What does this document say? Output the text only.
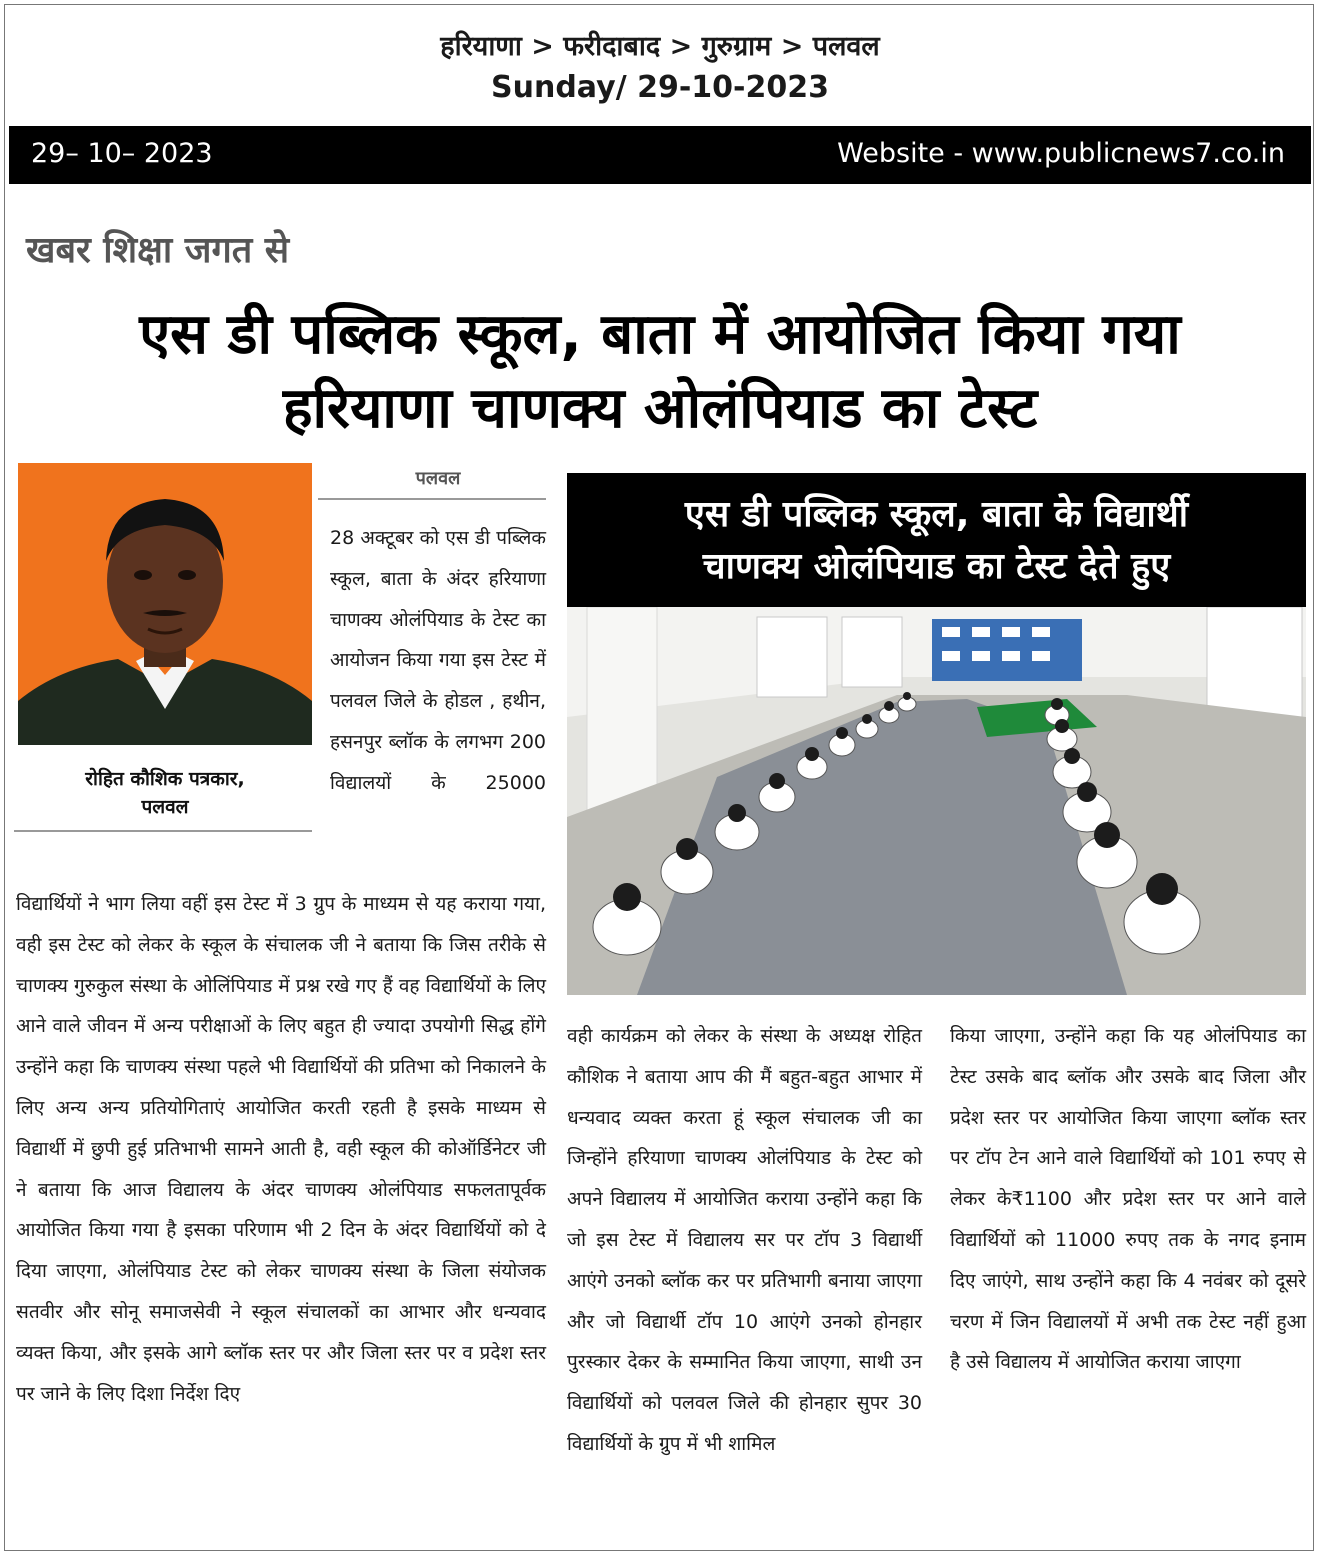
हरियाणा > फरीदाबाद > गुरुग्राम > पलवल
Sunday/ 29-10-2023
29– 10– 2023	Website - www.publicnews7.co.in
खबर शिक्षा जगत से
एस डी पब्लिक स्कूल, बाता में आयोजित किया गया
हरियाणा चाणक्य ओलंपियाड का टेस्ट
रोहित कौशिक पत्रकार,
पलवल
पलवल
28 अक्टूबर को एस डी पब्लिक स्कूल, बाता के अंदर हरियाणा चाणक्य ओलंपियाड के टेस्ट का आयोजन किया गया इस टेस्ट में पलवल जिले के होडल , हथीन, हसनपुर ब्लॉक के लगभग 200 विद्यालयों के 25000
विद्यार्थियों ने भाग लिया वहीं इस टेस्ट में 3 ग्रुप के माध्यम से यह कराया गया, वही इस टेस्ट को लेकर के स्कूल के संचालक जी ने बताया कि जिस तरीके से चाणक्य गुरुकुल संस्था के ओलिंपियाड में प्रश्न रखे गए हैं वह विद्यार्थियों के लिए आने वाले जीवन में अन्य परीक्षाओं के लिए बहुत ही ज्यादा उपयोगी सिद्ध होंगे उन्होंने कहा कि चाणक्य संस्था पहले भी विद्यार्थियों की प्रतिभा को निकालने के लिए अन्य अन्य प्रतियोगिताएं आयोजित करती रहती है इसके माध्यम से विद्यार्थी में छुपी हुई प्रतिभाभी सामने आती है, वही स्कूल की कोऑर्डिनेटर जी ने बताया कि आज विद्यालय के अंदर चाणक्य ओलंपियाड सफलतापूर्वक आयोजित किया गया है इसका परिणाम भी 2 दिन के अंदर विद्यार्थियों को दे दिया जाएगा, ओलंपियाड टेस्ट को लेकर चाणक्य संस्था के जिला संयोजक सतवीर और सोनू समाजसेवी ने स्कूल संचालकों का आभार और धन्यवाद व्यक्त किया, और इसके आगे ब्लॉक स्तर पर और जिला स्तर पर व प्रदेश स्तर पर जाने के लिए दिशा निर्देश दिए
एस डी पब्लिक स्कूल, बाता के विद्यार्थी
चाणक्य ओलंपियाड का टेस्ट देते हुए
वही कार्यक्रम को लेकर के संस्था के अध्यक्ष रोहित कौशिक ने बताया आप की मैं बहुत-बहुत आभार में धन्यवाद व्यक्त करता हूं स्कूल संचालक जी का जिन्होंने हरियाणा चाणक्य ओलंपियाड के टेस्ट को अपने विद्यालय में आयोजित कराया उन्होंने कहा कि जो इस टेस्ट में विद्यालय सर पर टॉप 3 विद्यार्थी आएंगे उनको ब्लॉक कर पर प्रतिभागी बनाया जाएगा और जो विद्यार्थी टॉप 10 आएंगे उनको होनहार पुरस्कार देकर के सम्मानित किया जाएगा, साथी उन विद्यार्थियों को पलवल जिले की होनहार सुपर 30 विद्यार्थियों के ग्रुप में भी शामिल
किया जाएगा, उन्होंने कहा कि यह ओलंपियाड का टेस्ट उसके बाद ब्लॉक और उसके बाद जिला और प्रदेश स्तर पर आयोजित किया जाएगा ब्लॉक स्तर पर टॉप टेन आने वाले विद्यार्थियों को 101 रुपए से लेकर के₹1100 और प्रदेश स्तर पर आने वाले विद्यार्थियों को 11000 रुपए तक के नगद इनाम दिए जाएंगे, साथ उन्होंने कहा कि 4 नवंबर को दूसरे चरण में जिन विद्यालयों में अभी तक टेस्ट नहीं हुआ है उसे विद्यालय में आयोजित कराया जाएगा
